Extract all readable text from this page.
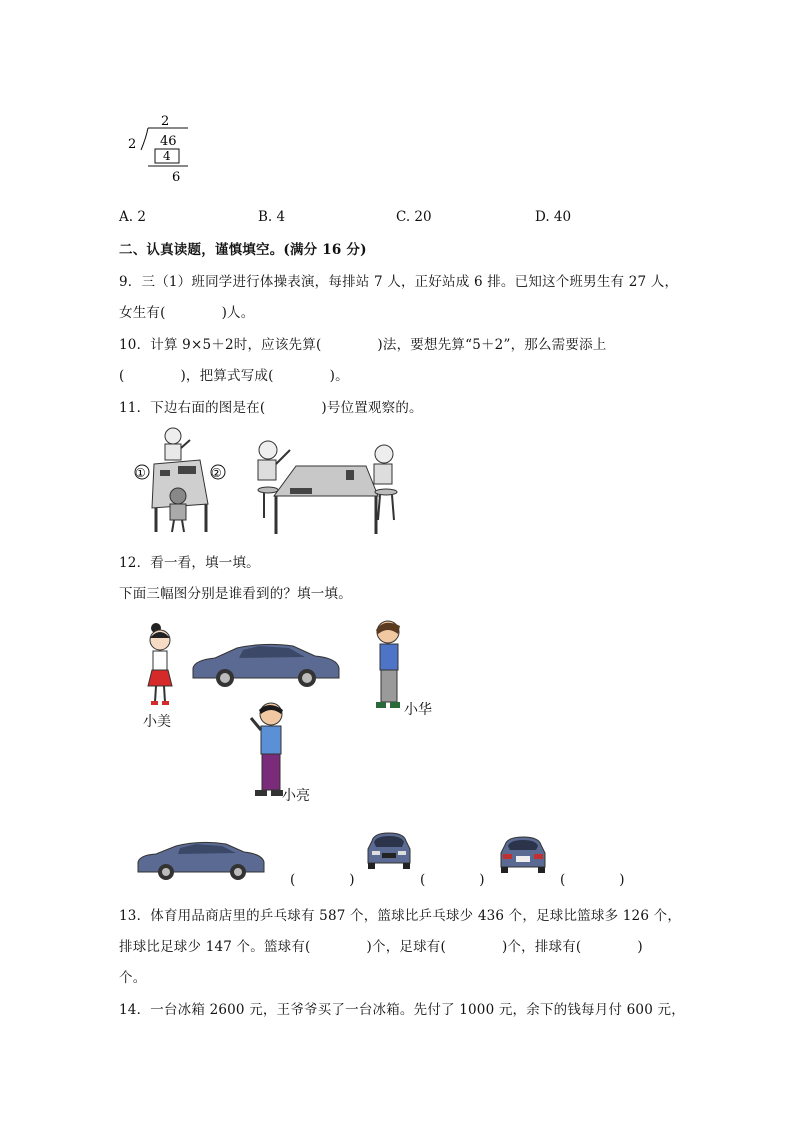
2
2 46
4
6
A. 2	B. 4	C. 20	D. 40
二、认真读题，谨慎填空。(满分 16 分)
9．三（1）班同学进行体操表演，每排站 7 人，正好站成 6 排。已知这个班男生有 27 人，
女生有(	)人。
10．计算 9×5＋2时，应该先算(	)法，要想先算“5＋2”，那么需要添上
(	)，把算式写成(	)。
11．下边右面的图是在(	)号位置观察的。
①	②
12．看一看，填一填。
下面三幅图分别是谁看到的？填一填。
小美
小华
小亮
(　　　　)	(　　　　)	(　　　　)
13．体育用品商店里的乒乓球有 587 个，篮球比乒乓球少 436 个，足球比篮球多 126 个，
排球比足球少 147 个。篮球有(	)个，足球有(	)个，排球有(	)
个。
14．一台冰箱 2600 元，王爷爷买了一台冰箱。先付了 1000 元，余下的钱每月付 600 元，
